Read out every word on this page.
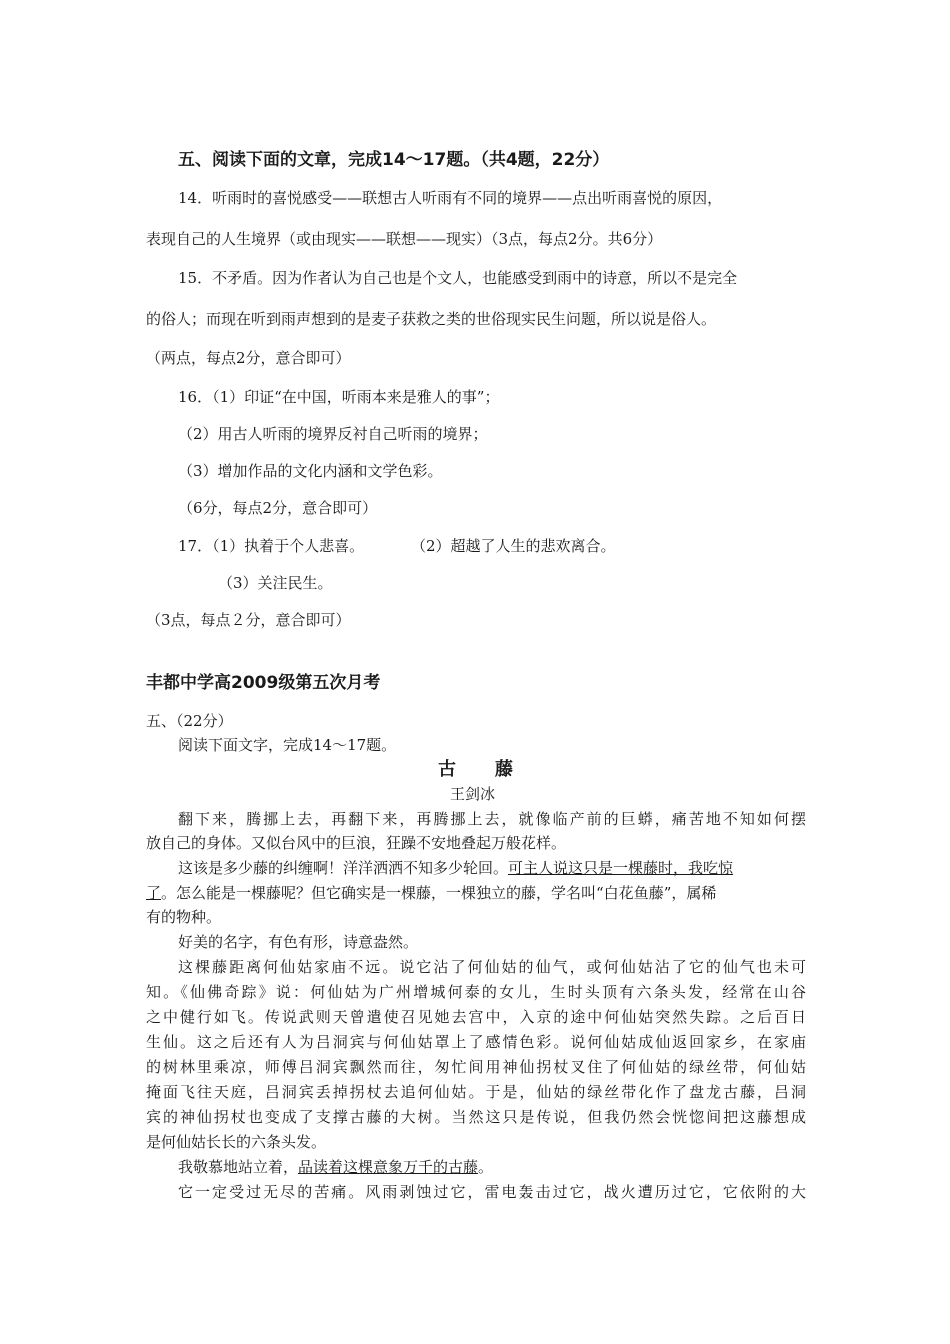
五、阅读下面的文章，完成14～17题。（共4题，22分）
14．听雨时的喜悦感受——联想古人听雨有不同的境界——点出听雨喜悦的原因，
表现自己的人生境界（或由现实——联想——现实）（3点，每点2分。共6分）
15．不矛盾。因为作者认为自己也是个文人，也能感受到雨中的诗意，所以不是完全
的俗人；而现在听到雨声想到的是麦子获救之类的世俗现实民生问题，所以说是俗人。
（两点，每点2分，意合即可）
16．（1）印证“在中国，听雨本来是雅人的事”；
（2）用古人听雨的境界反衬自己听雨的境界；
（3）增加作品的文化内涵和文学色彩。
（6分，每点2分，意合即可）
17．（1）执着于个人悲喜。	（2）超越了人生的悲欢离合。
（3）关注民生。
（3点，每点２分，意合即可）
丰都中学高2009级第五次月考
五、（22分）
阅读下面文字，完成14～17题。
古　　藤
王剑冰
翻下来，腾挪上去，再翻下来，再腾挪上去，就像临产前的巨蟒，痛苦地不知如何摆
放自己的身体。又似台风中的巨浪，狂躁不安地叠起万般花样。
这该是多少藤的纠缠啊！洋洋洒洒不知多少轮回。可主人说这只是一棵藤时，我吃惊
了。怎么能是一棵藤呢？但它确实是一棵藤，一棵独立的藤，学名叫“白花鱼藤”，属稀
有的物种。
好美的名字，有色有形，诗意盎然。
这棵藤距离何仙姑家庙不远。说它沾了何仙姑的仙气，或何仙姑沾了它的仙气也未可
知。《仙佛奇踪》说：何仙姑为广州增城何泰的女儿，生时头顶有六条头发，经常在山谷
之中健行如飞。传说武则天曾遣使召见她去宫中，入京的途中何仙姑突然失踪。之后百日
生仙。这之后还有人为吕洞宾与何仙姑罩上了感情色彩。说何仙姑成仙返回家乡，在家庙
的树林里乘凉，师傅吕洞宾飘然而往，匆忙间用神仙拐杖叉住了何仙姑的绿丝带，何仙姑
掩面飞往天庭，吕洞宾丢掉拐杖去追何仙姑。于是，仙姑的绿丝带化作了盘龙古藤，吕洞
宾的神仙拐杖也变成了支撑古藤的大树。当然这只是传说，但我仍然会恍惚间把这藤想成
是何仙姑长长的六条头发。
我敬慕地站立着，品读着这棵意象万千的古藤。
它一定受过无尽的苦痛。风雨剥蚀过它，雷电轰击过它，战火遭历过它，它依附的大
